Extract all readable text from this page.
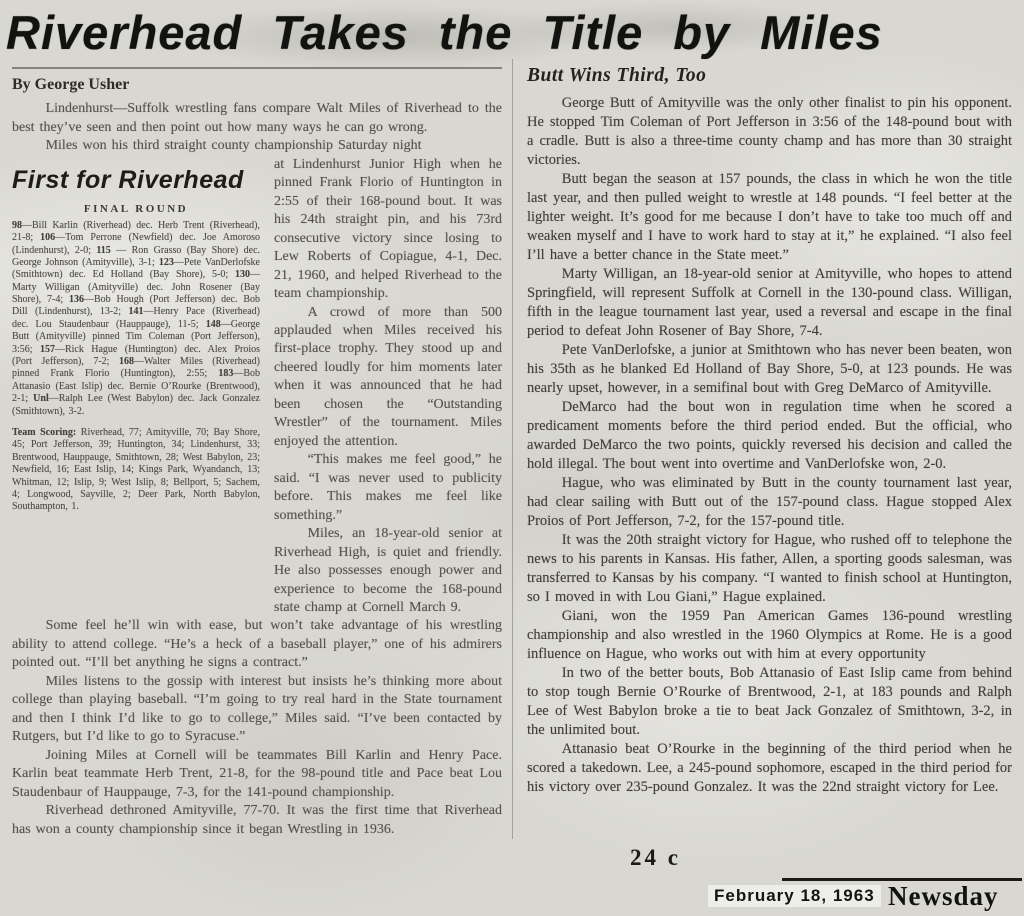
Riverhead Takes the Title by Miles
By George Usher

Lindenhurst—Suffolk wrestling fans compare Walt Miles of Riverhead to the best they’ve seen and then point out how many ways he can go wrong.

Miles won his third straight county championship Saturday night

First for Riverhead
FINAL ROUND

98—Bill Karlin (Riverhead) dec. Herb Trent (Riverhead), 21-8; 106—Tom Perrone (Newfield) dec. Joe Amoroso (Lindenhurst), 2-0; 115 — Ron Grasso (Bay Shore) dec. George Johnson (Amityville), 3-1; 123—Pete VanDerlofske (Smithtown) dec. Ed Holland (Bay Shore), 5-0; 130—Marty Willigan (Amityville) dec. John Rosener (Bay Shore), 7-4; 136—Bob Hough (Port Jefferson) dec. Bob Dill (Lindenhurst), 13-2; 141—Henry Pace (Riverhead) dec. Lou Staudenbaur (Hauppauge), 11-5; 148—George Butt (Amityville) pinned Tim Coleman (Port Jefferson), 3:56; 157—Rick Hague (Huntington) dec. Alex Proios (Port Jefferson), 7-2; 168—Walter Miles (Riverhead) pinned Frank Florio (Huntington), 2:55; 183—Bob Attanasio (East Islip) dec. Bernie O’Rourke (Brentwood), 2-1; Unl—Ralph Lee (West Babylon) dec. Jack Gonzalez (Smithtown), 3-2.

Team Scoring: Riverhead, 77; Amityville, 70; Bay Shore, 45; Port Jefferson, 39; Huntington, 34; Lindenhurst, 33; Brentwood, Hauppauge, Smithtown, 28; West Babylon, 23; Newfield, 16; East Islip, 14; Kings Park, Wyandanch, 13; Whitman, 12; Islip, 9; West Islip, 8; Bellport, 5; Sachem, 4; Longwood, Sayville, 2; Deer Park, North Babylon, Southampton, 1.

at Lindenhurst Junior High when he pinned Frank Florio of Huntington in 2:55 of their 168-pound bout. It was his 24th straight pin, and his 73rd consecutive victory since losing to Lew Roberts of Copiague, 4-1, Dec. 21, 1960, and helped Riverhead to the team championship.

A crowd of more than 500 applauded when Miles received his first-place trophy. They stood up and cheered loudly for him moments later when it was announced that he had been chosen the “Outstanding Wrestler” of the tournament. Miles enjoyed the attention.

“This makes me feel good,” he said. “I was never used to publicity before. This makes me feel like something.”

Miles, an 18-year-old senior at Riverhead High, is quiet and friendly. He also possesses enough power and experience to become the 168-pound state champ at Cornell March 9.

Some feel he’ll win with ease, but won’t take advantage of his wrestling ability to attend college. “He’s a heck of a baseball player,” one of his admirers pointed out. “I’ll bet anything he signs a contract.”

Miles listens to the gossip with interest but insists he’s thinking more about college than playing baseball. “I’m going to try real hard in the State tournament and then I think I’d like to go to college,” Miles said. “I’ve been contacted by Rutgers, but I’d like to go to Syracuse.”

Joining Miles at Cornell will be teammates Bill Karlin and Henry Pace. Karlin beat teammate Herb Trent, 21-8, for the 98-pound title and Pace beat Lou Staudenbaur of Hauppauge, 7-3, for the 141-pound championship.

Riverhead dethroned Amityville, 77-70. It was the first time that Riverhead has won a county championship since it began Wrestling in 1936.

Butt Wins Third, Too

George Butt of Amityville was the only other finalist to pin his opponent. He stopped Tim Coleman of Port Jefferson in 3:56 of the 148-pound bout with a cradle. Butt is also a three-time county champ and has more than 30 straight victories.

Butt began the season at 157 pounds, the class in which he won the title last year, and then pulled weight to wrestle at 148 pounds. “I feel better at the lighter weight. It’s good for me because I don’t have to take too much off and weaken myself and I have to work hard to stay at it,” he explained. “I also feel I’ll have a better chance in the State meet.”

Marty Willigan, an 18-year-old senior at Amityville, who hopes to attend Springfield, will represent Suffolk at Cornell in the 130-pound class. Willigan, fifth in the league tournament last year, used a reversal and escape in the final period to defeat John Rosener of Bay Shore, 7-4.

Pete VanDerlofske, a junior at Smithtown who has never been beaten, won his 35th as he blanked Ed Holland of Bay Shore, 5-0, at 123 pounds. He was nearly upset, however, in a semifinal bout with Greg DeMarco of Amityville.

DeMarco had the bout won in regulation time when he scored a predicament moments before the third period ended. But the official, who awarded DeMarco the two points, quickly reversed his decision and called the hold illegal. The bout went into overtime and VanDerlofske won, 2-0.

Hague, who was eliminated by Butt in the county tournament last year, had clear sailing with Butt out of the 157-pound class. Hague stopped Alex Proios of Port Jefferson, 7-2, for the 157-pound title.

It was the 20th straight victory for Hague, who rushed off to telephone the news to his parents in Kansas. His father, Allen, a sporting goods salesman, was transferred to Kansas by his company. “I wanted to finish school at Huntington, so I moved in with Lou Giani,” Hague explained.

Giani, won the 1959 Pan American Games 136-pound wrestling championship and also wrestled in the 1960 Olympics at Rome. He is a good influence on Hague, who works out with him at every opportunity

In two of the better bouts, Bob Attanasio of East Islip came from behind to stop tough Bernie O’Rourke of Brentwood, 2-1, at 183 pounds and Ralph Lee of West Babylon broke a tie to beat Jack Gonzalez of Smithtown, 3-2, in the unlimited bout.

Attanasio beat O’Rourke in the beginning of the third period when he scored a takedown. Lee, a 245-pound sophomore, escaped in the third period for his victory over 235-pound Gonzalez. It was the 22nd straight victory for Lee.

24 c
February 18, 1963 Newsday
